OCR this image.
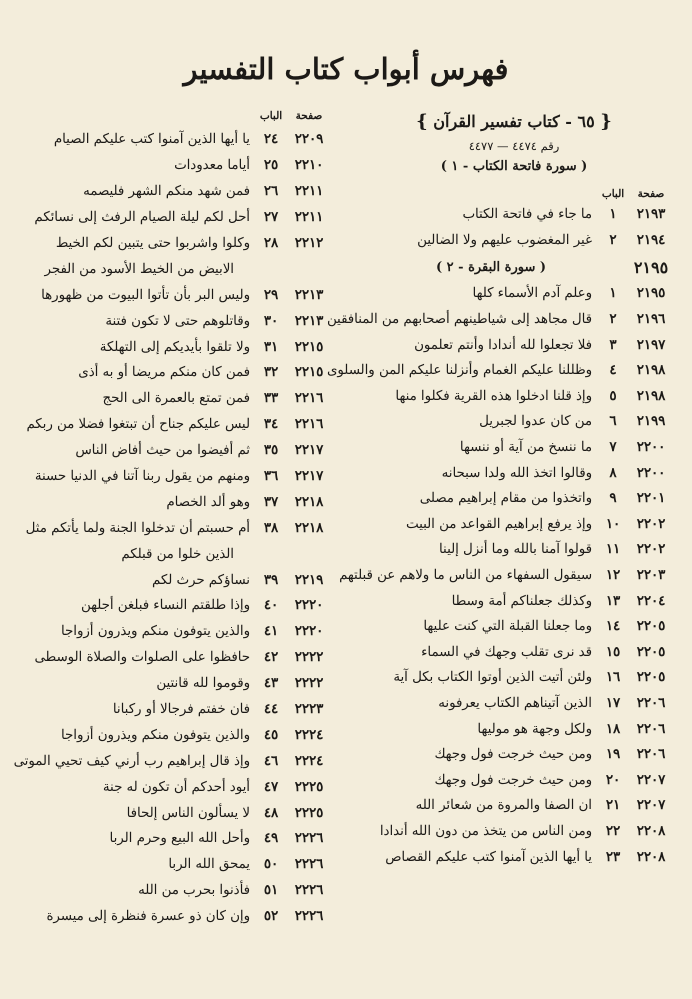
فهرس أبواب كتاب التفسير
{ ٦٥ - كتاب تفسير القرآن }
رقم ٤٤٧٤ — ٤٤٧٧
( سورة فاتحة الكتاب - ١ )
صفحة
الباب
٢١٩٣
١
ما جاء في فاتحة الكتاب
٢١٩٤
٢
غير المغضوب عليهم ولا الضالين
٢١٩٥
( سورة البقرة - ٢ )
٢١٩٥
١
وعلم آدم الأسماء كلها
٢١٩٦
٢
قال مجاهد إلى شياطينهم أصحابهم من المنافقين
٢١٩٧
٣
فلا تجعلوا لله أندادا وأنتم تعلمون
٢١٩٨
٤
وظللنا عليكم الغمام وأنزلنا عليكم المن والسلوى
٢١٩٨
٥
وإذ قلنا ادخلوا هذه القرية فكلوا منها
٢١٩٩
٦
من كان عدوا لجبريل
٢٢٠٠
٧
ما ننسخ من آية أو ننسها
٢٢٠٠
٨
وقالوا اتخذ الله ولدا سبحانه
٢٢٠١
٩
واتخذوا من مقام إبراهيم مصلى
٢٢٠٢
١٠
وإذ يرفع إبراهيم القواعد من البيت
٢٢٠٢
١١
قولوا آمنا بالله وما أنزل إلينا
٢٢٠٣
١٢
سيقول السفهاء من الناس ما ولاهم عن قبلتهم
٢٢٠٤
١٣
وكذلك جعلناكم أمة وسطا
٢٢٠٥
١٤
وما جعلنا القبلة التي كنت عليها
٢٢٠٥
١٥
قد نرى تقلب وجهك في السماء
٢٢٠٥
١٦
ولئن أتيت الذين أوتوا الكتاب بكل آية
٢٢٠٦
١٧
الذين آتيناهم الكتاب يعرفونه
٢٢٠٦
١٨
ولكل وجهة هو موليها
٢٢٠٦
١٩
ومن حيث خرجت فول وجهك
٢٢٠٧
٢٠
ومن حيث خرجت فول وجهك
٢٢٠٧
٢١
ان الصفا والمروة من شعائر الله
٢٢٠٨
٢٢
ومن الناس من يتخذ من دون الله أندادا
٢٢٠٨
٢٣
يا أيها الذين آمنوا كتب عليكم القصاص
صفحة
الباب
٢٢٠٩
٢٤
يا أيها الذين آمنوا كتب عليكم الصيام
٢٢١٠
٢٥
أياما معدودات
٢٢١١
٢٦
فمن شهد منكم الشهر فليصمه
٢٢١١
٢٧
أحل لكم ليلة الصيام الرفث إلى نسائكم
٢٢١٢
٢٨
وكلوا واشربوا حتى يتبين لكم الخيط
الابيض من الخيط الأسود من الفجر
٢٢١٣
٢٩
وليس البر بأن تأتوا البيوت من ظهورها
٢٢١٣
٣٠
وقاتلوهم حتى لا تكون فتنة
٢٢١٥
٣١
ولا تلقوا بأيديكم إلى التهلكة
٢٢١٥
٣٢
فمن كان منكم مريضا أو به أذى
٢٢١٦
٣٣
فمن تمتع بالعمرة الى الحج
٢٢١٦
٣٤
ليس عليكم جناح أن تبتغوا فضلا من ربكم
٢٢١٧
٣٥
ثم أفيضوا من حيث أفاض الناس
٢٢١٧
٣٦
ومنهم من يقول ربنا آتنا في الدنيا حسنة
٢٢١٨
٣٧
وهو ألد الخصام
٢٢١٨
٣٨
أم حسبتم أن تدخلوا الجنة ولما يأتكم مثل
الذين خلوا من قبلكم
٢٢١٩
٣٩
نساؤكم حرث لكم
٢٢٢٠
٤٠
وإذا طلقتم النساء فبلغن أجلهن
٢٢٢٠
٤١
والذين يتوفون منكم ويذرون أزواجا
٢٢٢٢
٤٢
حافظوا على الصلوات والصلاة الوسطى
٢٢٢٢
٤٣
وقوموا لله قانتين
٢٢٢٣
٤٤
فان خفتم فرجالا أو ركبانا
٢٢٢٤
٤٥
والذين يتوفون منكم ويذرون أزواجا
٢٢٢٤
٤٦
وإذ قال إبراهيم رب أرني كيف تحيي الموتى
٢٢٢٥
٤٧
أيود أحدكم أن تكون له جنة
٢٢٢٥
٤٨
لا يسألون الناس إلحافا
٢٢٢٦
٤٩
وأحل الله البيع وحرم الربا
٢٢٢٦
٥٠
يمحق الله الربا
٢٢٢٦
٥١
فأذنوا بحرب من الله
٢٢٢٦
٥٢
وإن كان ذو عسرة فنظرة إلى ميسرة
